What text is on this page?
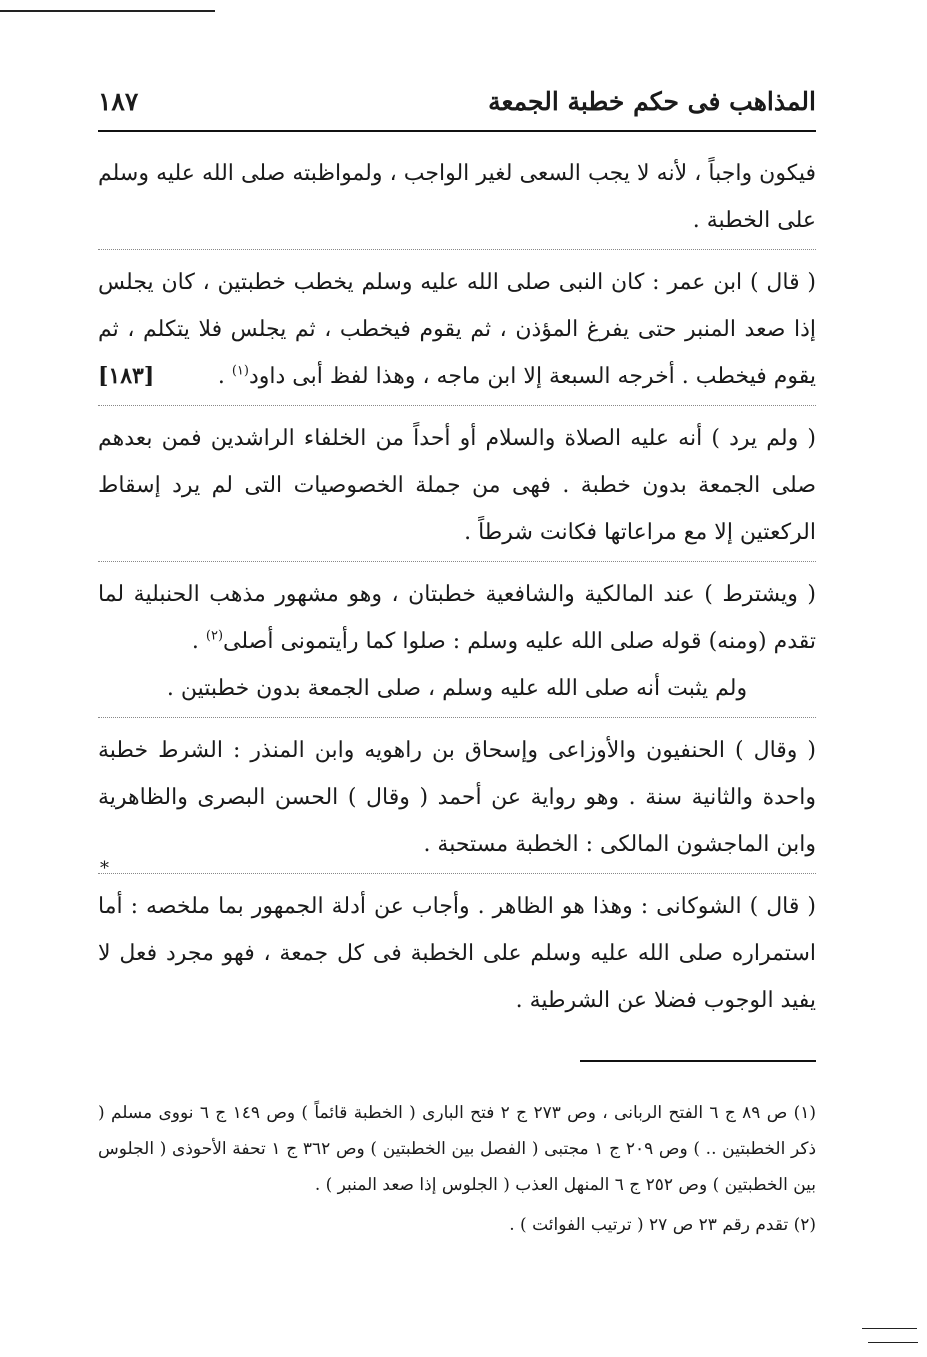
المذاهب فى حكم خطبة الجمعة
١٨٧

فيكون واجباً ، لأنه لا يجب السعى لغير الواجب ، ولمواظبته صلى الله عليه وسلم على الخطبة .

( قال ) ابن عمر : كان النبى صلى الله عليه وسلم يخطب خطبتين ، كان يجلس إذا صعد المنبر حتى يفرغ المؤذن ، ثم يقوم فيخطب ، ثم يجلس فلا يتكلم ، ثم يقوم فيخطب . أخرجه السبعة إلا ابن ماجه ، وهذا لفظ أبى داود$^{(١)}$ .
[١٨٣]

( ولم يرد ) أنه عليه الصلاة والسلام أو أحداً من الخلفاء الراشدين فمن بعدهم صلى الجمعة بدون خطبة . فهى من جملة الخصوصيات التى لم يرد إسقاط الركعتين إلا مع مراعاتها فكانت شرطاً .

( ويشترط ) عند المالكية والشافعية خطبتان ، وهو مشهور مذهب الحنبلية لما تقدم (ومنه) قوله صلى الله عليه وسلم : صلوا كما رأيتمونى أصلى$^{(٢)}$ .

ولم يثبت أنه صلى الله عليه وسلم ، صلى الجمعة بدون خطبتين .

( وقال ) الحنفيون والأوزاعى وإسحاق بن راهويه وابن المنذر : الشرط خطبة واحدة والثانية سنة . وهو رواية عن أحمد ( وقال ) الحسن البصرى والظاهرية وابن الماجشون المالكى : الخطبة مستحبة .

( قال ) الشوكانى : وهذا هو الظاهر . وأجاب عن أدلة الجمهور بما ملخصه : أما استمراره صلى الله عليه وسلم على الخطبة فى كل جمعة ، فهو مجرد فعل لا يفيد الوجوب فضلا عن الشرطية .

*

(١) ص ٨٩ ج ٦ الفتح الربانى ، وص ٢٧٣ ج ٢ فتح البارى ( الخطبة قائماً ) وص ١٤٩ ج ٦ نووى مسلم ( ذكر الخطبتين .. ) وص ٢٠٩ ج ١ مجتبى ( الفصل بين الخطبتين ) وص ٣٦٢ ج ١ تحفة الأحوذى ( الجلوس بين الخطبتين ) وص ٢٥٢ ج ٦ المنهل العذب ( الجلوس إذا صعد المنبر ) .

(٢) تقدم رقم ٢٣ ص ٢٧ ( ترتيب الفوائت ) .
